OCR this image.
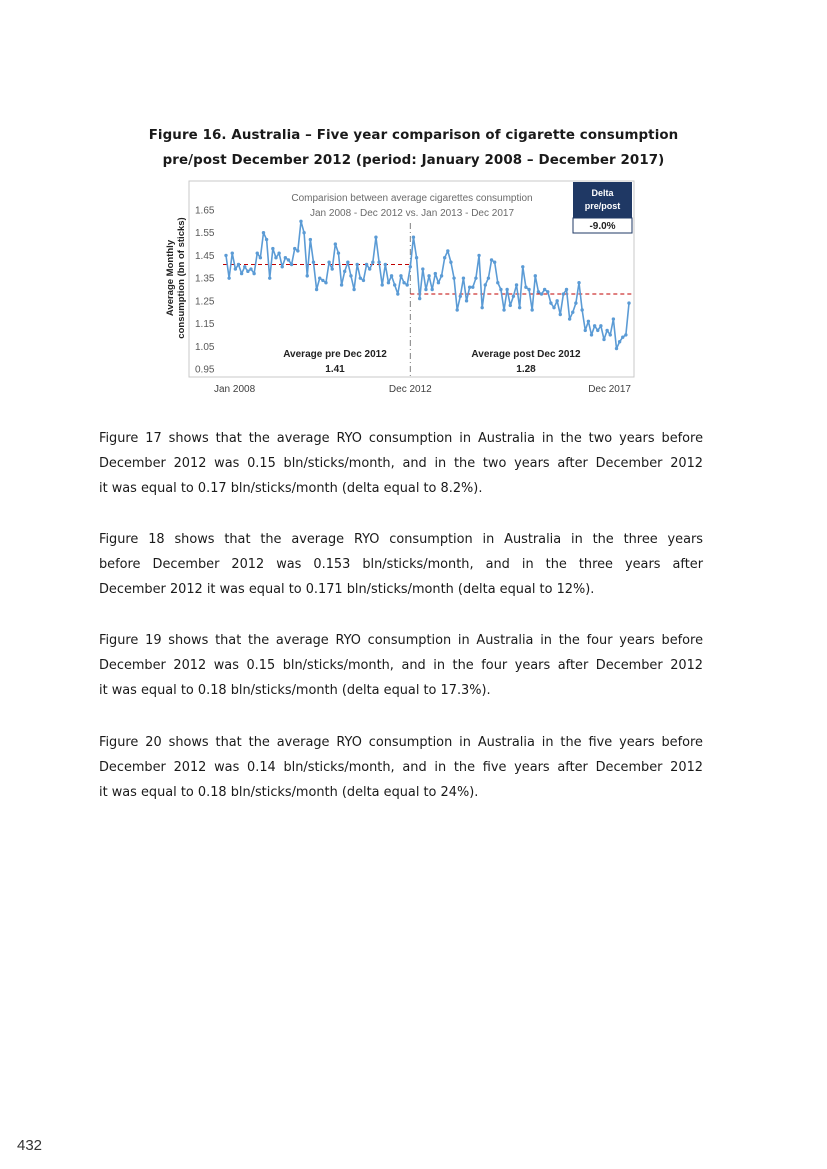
Figure 16. Australia – Five year comparison of cigarette consumption
pre/post December 2012 (period: January 2008 – December 2017)
1.65
1.55
1.45
1.35
1.25
1.15
1.05
0.95
Average Monthly consumption (bn of sticks)
Comparision between average cigarettes consumption
Jan 2008 - Dec 2012 vs. Jan 2013 - Dec 2017
Delta
pre/post
-9.0%
Average pre Dec 2012
1.41
Average post Dec 2012
1.28
Jan 2008	Dec 2012	Dec 2017
Figure 17 shows that the average RYO consumption in Australia in the two years before
December 2012 was 0.15 bln/sticks/month, and in the two years after December 2012
it was equal to 0.17 bln/sticks/month (delta equal to 8.2%).
Figure 18 shows that the average RYO consumption in Australia in the three years
before December 2012 was 0.153 bln/sticks/month, and in the three years after
December 2012 it was equal to 0.171 bln/sticks/month (delta equal to 12%).
Figure 19 shows that the average RYO consumption in Australia in the four years before
December 2012 was 0.15 bln/sticks/month, and in the four years after December 2012
it was equal to 0.18 bln/sticks/month (delta equal to 17.3%).
Figure 20 shows that the average RYO consumption in Australia in the five years before
December 2012 was 0.14 bln/sticks/month, and in the five years after December 2012
it was equal to 0.18 bln/sticks/month (delta equal to 24%).
432
